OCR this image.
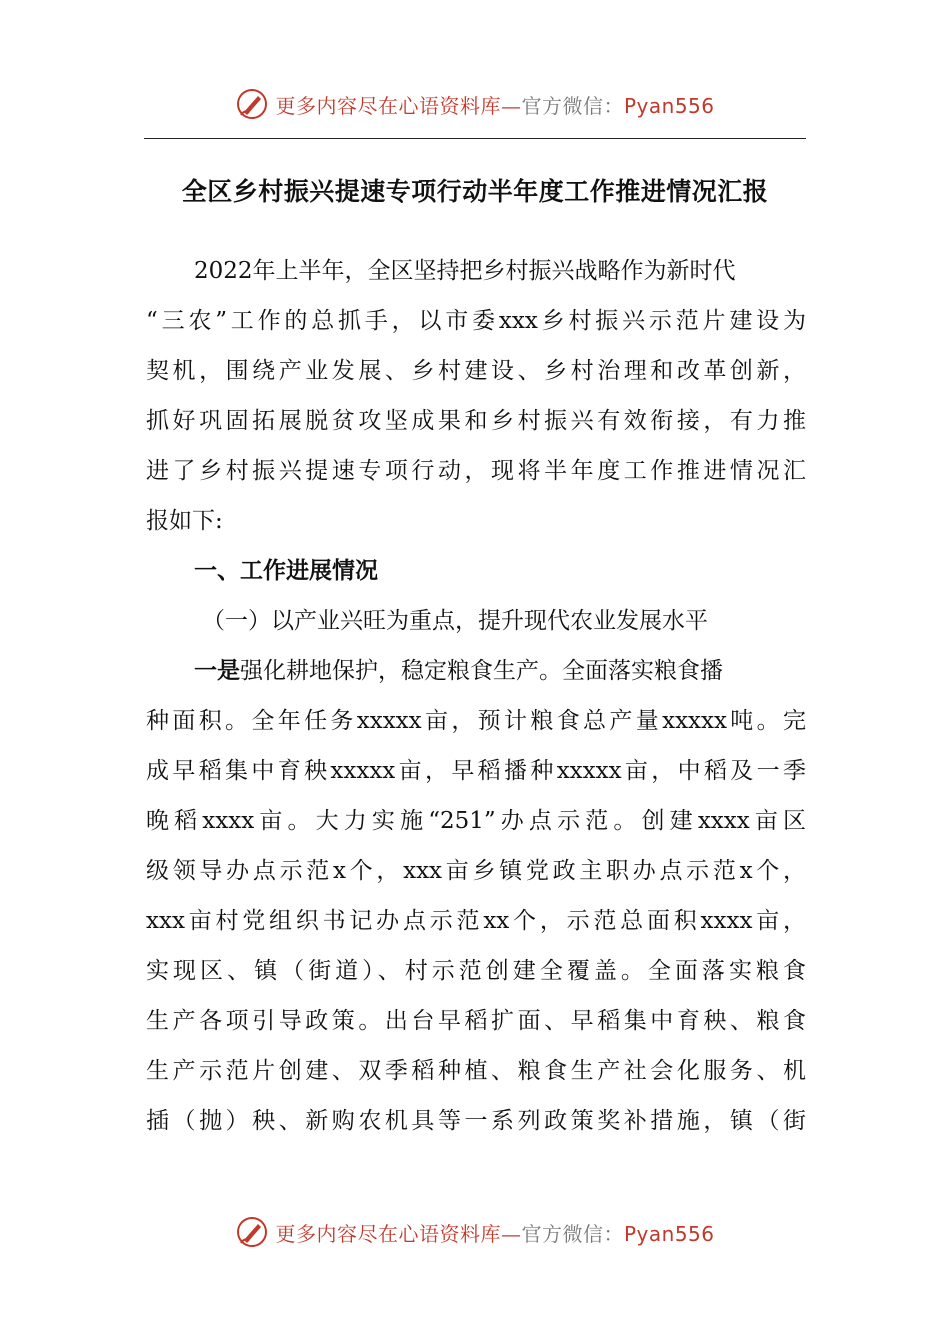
更多内容尽在心语资料库—官方微信：Pyan556
全区乡村振兴提速专项行动半年度工作推进情况汇报
2022年上半年，全区坚持把乡村振兴战略作为新时代
“三农”工作的总抓手，以市委xxx乡村振兴示范片建设为
契机，围绕产业发展、乡村建设、乡村治理和改革创新，
抓好巩固拓展脱贫攻坚成果和乡村振兴有效衔接，有力推
进了乡村振兴提速专项行动，现将半年度工作推进情况汇
报如下:
一、工作进展情况
（一）以产业兴旺为重点，提升现代农业发展水平
一是强化耕地保护，稳定粮食生产。全面落实粮食播
种面积。全年任务xxxxx亩，预计粮食总产量xxxxx吨。完
成早稻集中育秧xxxxx亩，早稻播种xxxxx亩，中稻及一季
晚稻xxxx亩。大力实施“251”办点示范。创建xxxx亩区
级领导办点示范x个，xxx亩乡镇党政主职办点示范x个，
xxx亩村党组织书记办点示范xx个，示范总面积xxxx亩，
实现区、镇（街道）、村示范创建全覆盖。全面落实粮食
生产各项引导政策。出台早稻扩面、早稻集中育秧、粮食
生产示范片创建、双季稻种植、粮食生产社会化服务、机
插（抛）秧、新购农机具等一系列政策奖补措施，镇（街
更多内容尽在心语资料库—官方微信：Pyan556
